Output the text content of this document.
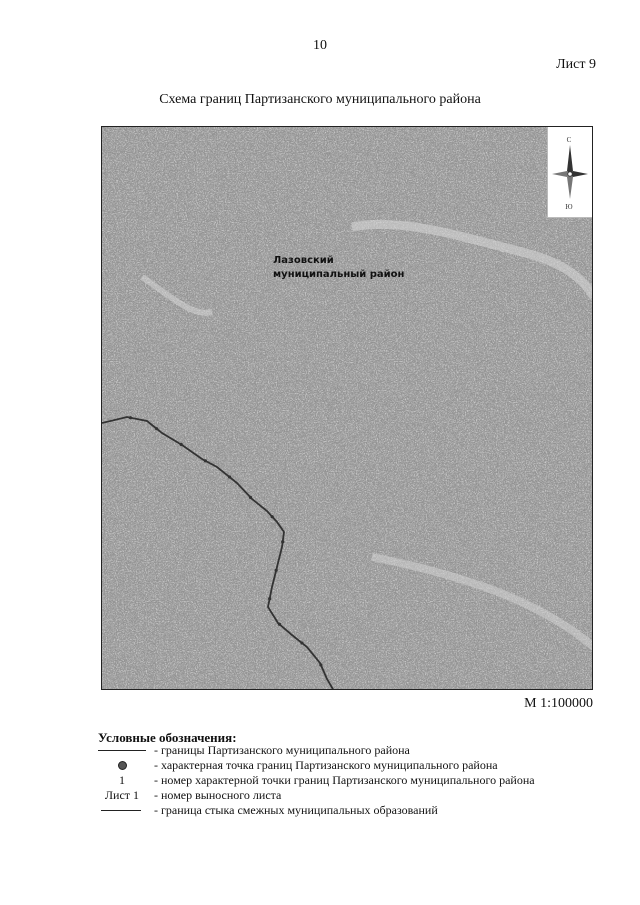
10
Лист 9
Схема границ Партизанского муниципального района
С
Ю
Лазовский муниципальный район
М 1:100000
Условные обозначения:
- границы Партизанского муниципального района
- характерная точка границ Партизанского муниципального района
1	- номер характерной точки границ Партизанского муниципального района
Лист 1	- номер выносного листа
- граница стыка смежных муниципальных образований
